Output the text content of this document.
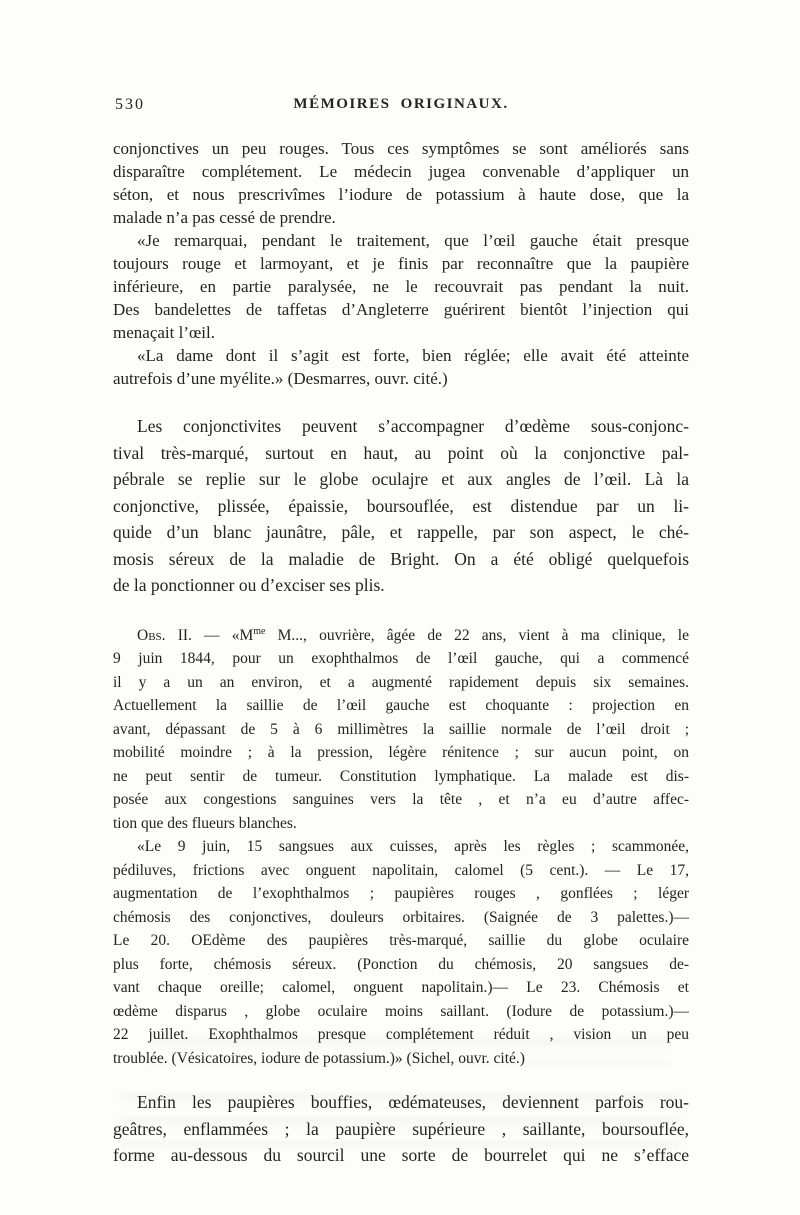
530	MÉMOIRES ORIGINAUX.
conjonctives un peu rouges. Tous ces symptômes se sont améliorés sans
disparaître complétement. Le médecin jugea convenable d’appliquer un
séton, et nous prescrivîmes l’iodure de potassium à haute dose, que la
malade n’a pas cessé de prendre.
«Je remarquai, pendant le traitement, que l’œil gauche était presque
toujours rouge et larmoyant, et je finis par reconnaître que la paupière
inférieure, en partie paralysée, ne le recouvrait pas pendant la nuit.
Des bandelettes de taffetas d’Angleterre guérirent bientôt l’injection qui
menaçait l’œil.
«La dame dont il s’agit est forte, bien réglée; elle avait été atteinte
autrefois d’une myélite.» (Desmarres, ouvr. cité.)
Les conjonctivites peuvent s’accompagner d’œdème sous-conjonc-
tival très-marqué, surtout en haut, au point où la conjonctive pal-
pébrale se replie sur le globe oculajre et aux angles de l’œil. Là la
conjonctive, plissée, épaissie, boursouflée, est distendue par un li-
quide d’un blanc jaunâtre, pâle, et rappelle, par son aspect, le ché-
mosis séreux de la maladie de Bright. On a été obligé quelquefois
de la ponctionner ou d’exciser ses plis.
Obs. II. — «$M^{me}$ M..., ouvrière, âgée de 22 ans, vient à ma clinique, le
9 juin 1844, pour un exophthalmos de l’œil gauche, qui a commencé
il y a un an environ, et a augmenté rapidement depuis six semaines.
Actuellement la saillie de l’œil gauche est choquante : projection en
avant, dépassant de 5 à 6 millimètres la saillie normale de l’œil droit ;
mobilité moindre ; à la pression, légère rénitence ; sur aucun point, on
ne peut sentir de tumeur. Constitution lymphatique. La malade est dis-
posée aux congestions sanguines vers la tête , et n’a eu d’autre affec-
tion que des flueurs blanches.
«Le 9 juin, 15 sangsues aux cuisses, après les règles ; scammonée,
pédiluves, frictions avec onguent napolitain, calomel (5 cent.). — Le 17,
augmentation de l’exophthalmos ; paupières rouges , gonflées ; léger
chémosis des conjonctives, douleurs orbitaires. (Saignée de 3 palettes.)—
Le 20. OEdème des paupières très-marqué, saillie du globe oculaire
plus forte, chémosis séreux. (Ponction du chémosis, 20 sangsues de-
vant chaque oreille; calomel, onguent napolitain.)— Le 23. Chémosis et
œdème disparus , globe oculaire moins saillant. (Iodure de potassium.)—
22 juillet. Exophthalmos presque complétement réduit , vision un peu
troublée. (Vésicatoires, iodure de potassium.)» (Sichel, ouvr. cité.)
Enfin les paupières bouffies, œdémateuses, deviennent parfois rou-
geâtres, enflammées ; la paupière supérieure , saillante, boursouflée,
forme au-dessous du sourcil une sorte de bourrelet qui ne s’efface
